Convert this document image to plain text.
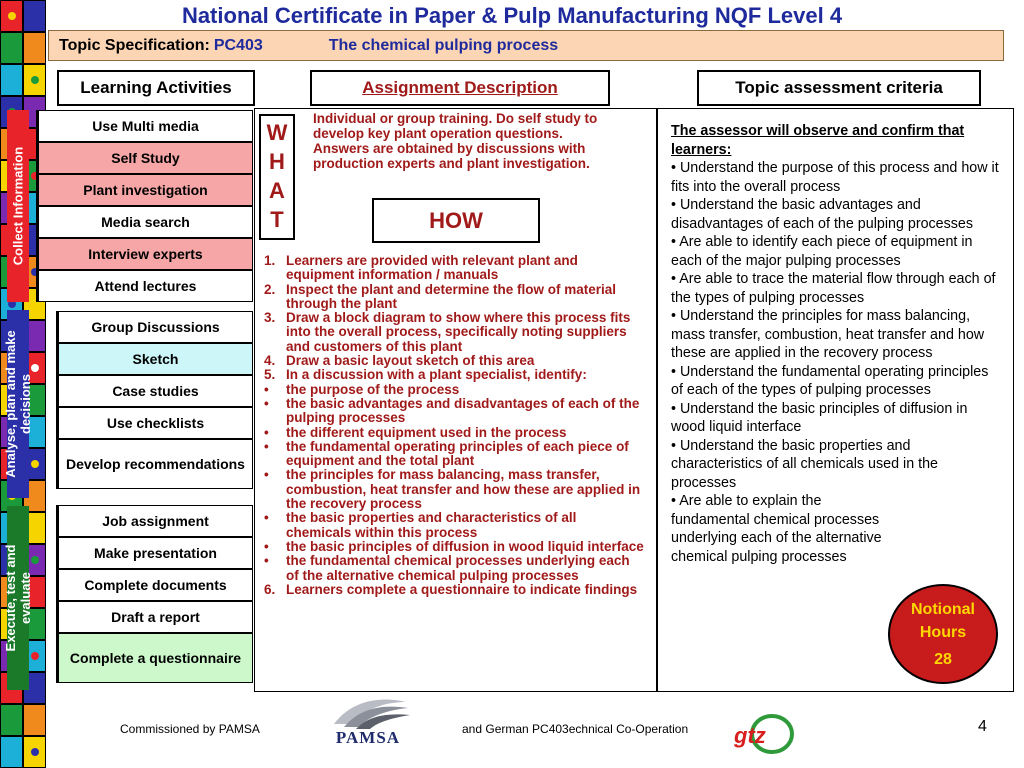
National Certificate in Paper & Pulp Manufacturing NQF Level 4
Topic Specification: PC403	The chemical pulping process
Learning Activities	Assignment Description	Topic assessment criteria
Collect Information
Analyse, plan and make decisions
Execute, test and evaluate
Use Multi media
Self Study
Plant investigation
Media search
Interview experts
Attend lectures
Group Discussions
Sketch
Case studies
Use checklists
Develop recommendations
Job assignment
Make presentation
Complete documents
Draft a report
Complete a questionnaire
W
H
A
T
Individual or group training. Do self study to develop key plant operation questions. Answers are obtained by discussions with production experts and plant investigation.
HOW
1. Learners are provided with relevant plant and equipment information / manuals
2. Inspect the plant and determine the flow of material through the plant
3. Draw a block diagram to show where this process fits into the overall process, specifically noting suppliers and customers of this plant
4. Draw a basic layout sketch of this area
5. In a discussion with a plant specialist, identify:
• the purpose of the process
• the basic advantages and disadvantages of each of the pulping processes
• the different equipment used in the process
• the fundamental operating principles of each piece of equipment and the total plant
• the principles for mass balancing, mass transfer, combustion, heat transfer and how these are applied in the recovery process
• the basic properties and characteristics of all chemicals within this process
• the basic principles of diffusion in wood liquid interface
• the fundamental chemical processes underlying each of the alternative chemical pulping processes
6. Learners complete a questionnaire to indicate findings
The assessor will observe and confirm that learners:
• Understand the purpose of this process and how it fits into the overall process
• Understand the basic advantages and disadvantages of each of the pulping processes
• Are able to identify each piece of equipment in each of the major pulping processes
• Are able to trace the material flow through each of the types of pulping processes
• Understand the principles for mass balancing, mass transfer, combustion, heat transfer and how these are applied in the recovery process
• Understand the fundamental operating principles of each of the types of pulping processes
• Understand the basic principles of diffusion in wood liquid interface
• Understand the basic properties and characteristics of all chemicals used in the processes
• Are able to explain the fundamental chemical processes underlying each of the alternative chemical pulping processes
Notional Hours
28
Commissioned by PAMSA	PAMSA	and German PC403echnical Co-Operation gtz	4
